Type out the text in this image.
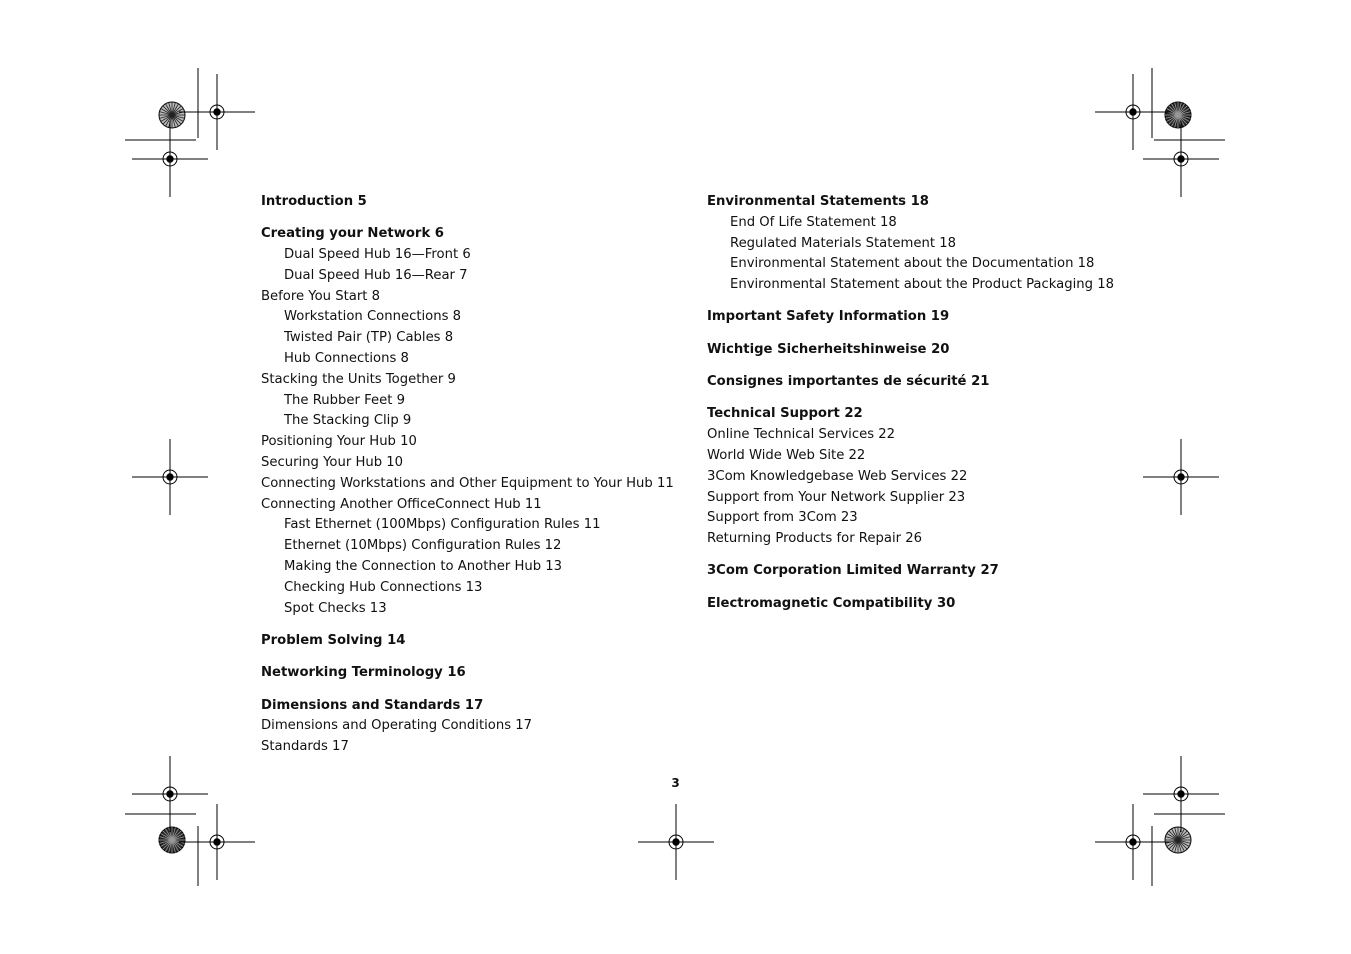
Introduction 5
Creating your Network 6
Dual Speed Hub 16—Front 6
Dual Speed Hub 16—Rear 7
Before You Start 8
Workstation Connections 8
Twisted Pair (TP) Cables 8
Hub Connections 8
Stacking the Units Together 9
The Rubber Feet 9
The Stacking Clip 9
Positioning Your Hub 10
Securing Your Hub 10
Connecting Workstations and Other Equipment to Your Hub 11
Connecting Another OfficeConnect Hub 11
Fast Ethernet (100Mbps) Configuration Rules 11
Ethernet (10Mbps) Configuration Rules 12
Making the Connection to Another Hub 13
Checking Hub Connections 13
Spot Checks 13
Problem Solving 14
Networking Terminology 16
Dimensions and Standards 17
Dimensions and Operating Conditions 17
Standards 17
Environmental Statements 18
End Of Life Statement 18
Regulated Materials Statement 18
Environmental Statement about the Documentation 18
Environmental Statement about the Product Packaging 18
Important Safety Information 19
Wichtige Sicherheitshinweise 20
Consignes importantes de sécurité 21
Technical Support 22
Online Technical Services 22
World Wide Web Site 22
3Com Knowledgebase Web Services 22
Support from Your Network Supplier 23
Support from 3Com 23
Returning Products for Repair 26
3Com Corporation Limited Warranty 27
Electromagnetic Compatibility 30
3
